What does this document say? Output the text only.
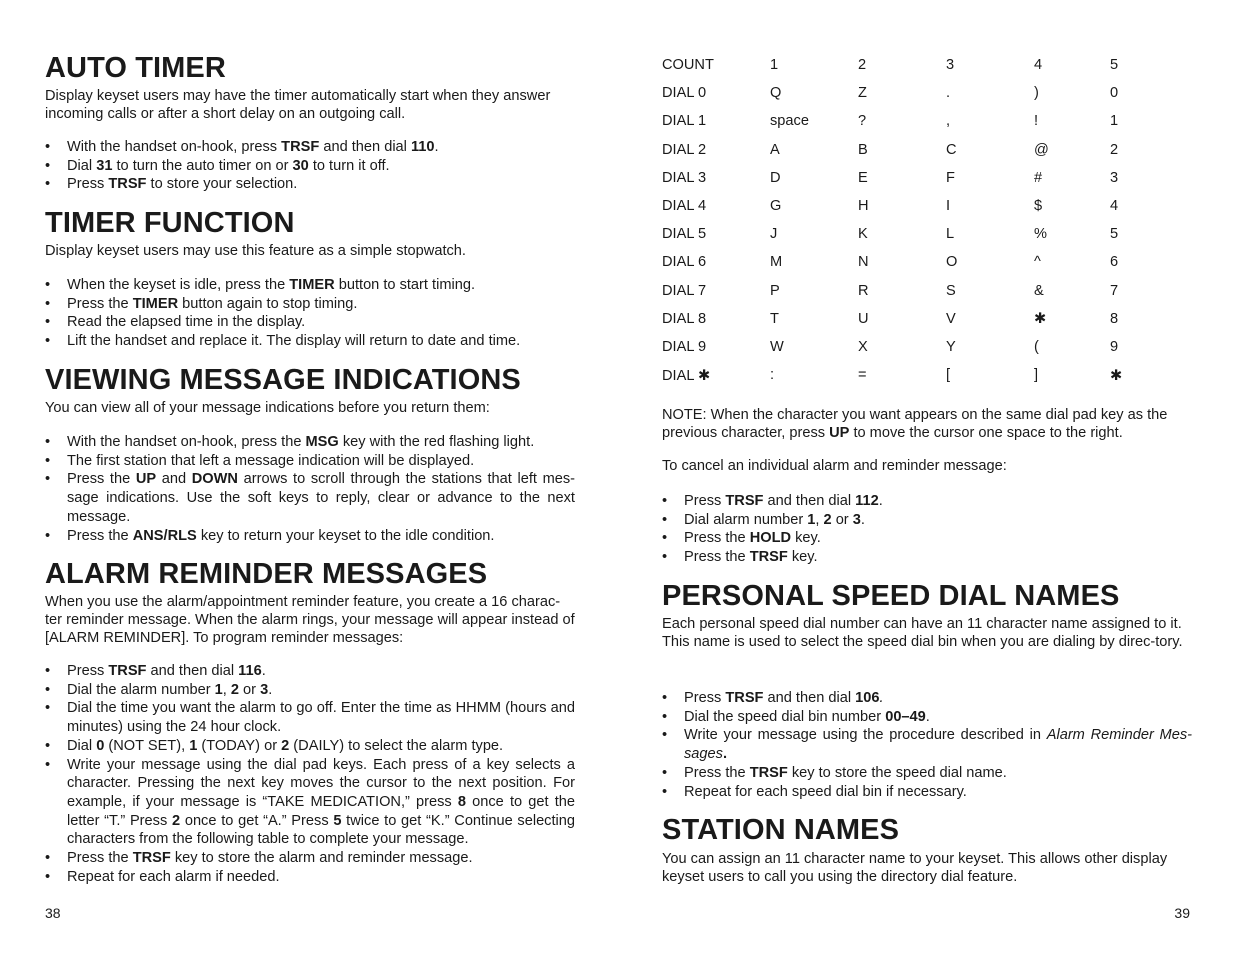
AUTO TIMER

Display keyset users may have the timer automatically start when they answer incoming calls or after a short delay on an outgoing call.

• With the handset on-hook, press TRSF and then dial 110.
• Dial 31 to turn the auto timer on or 30 to turn it off.
• Press TRSF to store your selection.
TIMER FUNCTION

Display keyset users may use this feature as a simple stopwatch.

• When the keyset is idle, press the TIMER button to start timing.
• Press the TIMER button again to stop timing.
• Read the elapsed time in the display.
• Lift the handset and replace it. The display will return to date and time.
VIEWING MESSAGE INDICATIONS

You can view all of your message indications before you return them:

• With the handset on-hook, press the MSG key with the red flashing light.
• The first station that left a message indication will be displayed.
• Press the UP and DOWN arrows to scroll through the stations that left mes-sage indications. Use the soft keys to reply, clear or advance to the next message.
• Press the ANS/RLS key to return your keyset to the idle condition.
ALARM REMINDER MESSAGES

When you use the alarm/appointment reminder feature, you create a 16 charac-ter reminder message. When the alarm rings, your message will appear instead of [ALARM REMINDER]. To program reminder messages:

• Press TRSF and then dial 116.
• Dial the alarm number 1, 2 or 3.
• Dial the time you want the alarm to go off. Enter the time as HHMM (hours and minutes) using the 24 hour clock.
• Dial 0 (NOT SET), 1 (TODAY) or 2 (DAILY) to select the alarm type.
• Write your message using the dial pad keys. Each press of a key selects a character. Pressing the next key moves the cursor to the next position. For example, if your message is “TAKE MEDICATION,” press 8 once to get the letter “T.” Press 2 once to get “A.” Press 5 twice to get “K.” Continue selecting characters from the following table to complete your message.
• Press the TRSF key to store the alarm and reminder message.
• Repeat for each alarm if needed.
38
COUNT	1	2	3	4	5
DIAL 0	Q	Z	.	)	0
DIAL 1	space	?	,	!	1
DIAL 2	A	B	C	@	2
DIAL 3	D	E	F	#	3
DIAL 4	G	H	I	$	4
DIAL 5	J	K	L	%	5
DIAL 6	M	N	O	^	6
DIAL 7	P	R	S	&	7
DIAL 8	T	U	V	✱	8
DIAL 9	W	X	Y	(	9
DIAL ✱	:	=	[	]	✱

NOTE: When the character you want appears on the same dial pad key as the previous character, press UP to move the cursor one space to the right.

To cancel an individual alarm and reminder message:

• Press TRSF and then dial 112.
• Dial alarm number 1, 2 or 3.
• Press the HOLD key.
• Press the TRSF key.
PERSONAL SPEED DIAL NAMES

Each personal speed dial number can have an 11 character name assigned to it. This name is used to select the speed dial bin when you are dialing by direc-tory.

• Press TRSF and then dial 106.
• Dial the speed dial bin number 00–49.
• Write your message using the procedure described in Alarm Reminder Mes-sages.
• Press the TRSF key to store the speed dial name.
• Repeat for each speed dial bin if necessary.
STATION NAMES

You can assign an 11 character name to your keyset. This allows other display keyset users to call you using the directory dial feature.

39
